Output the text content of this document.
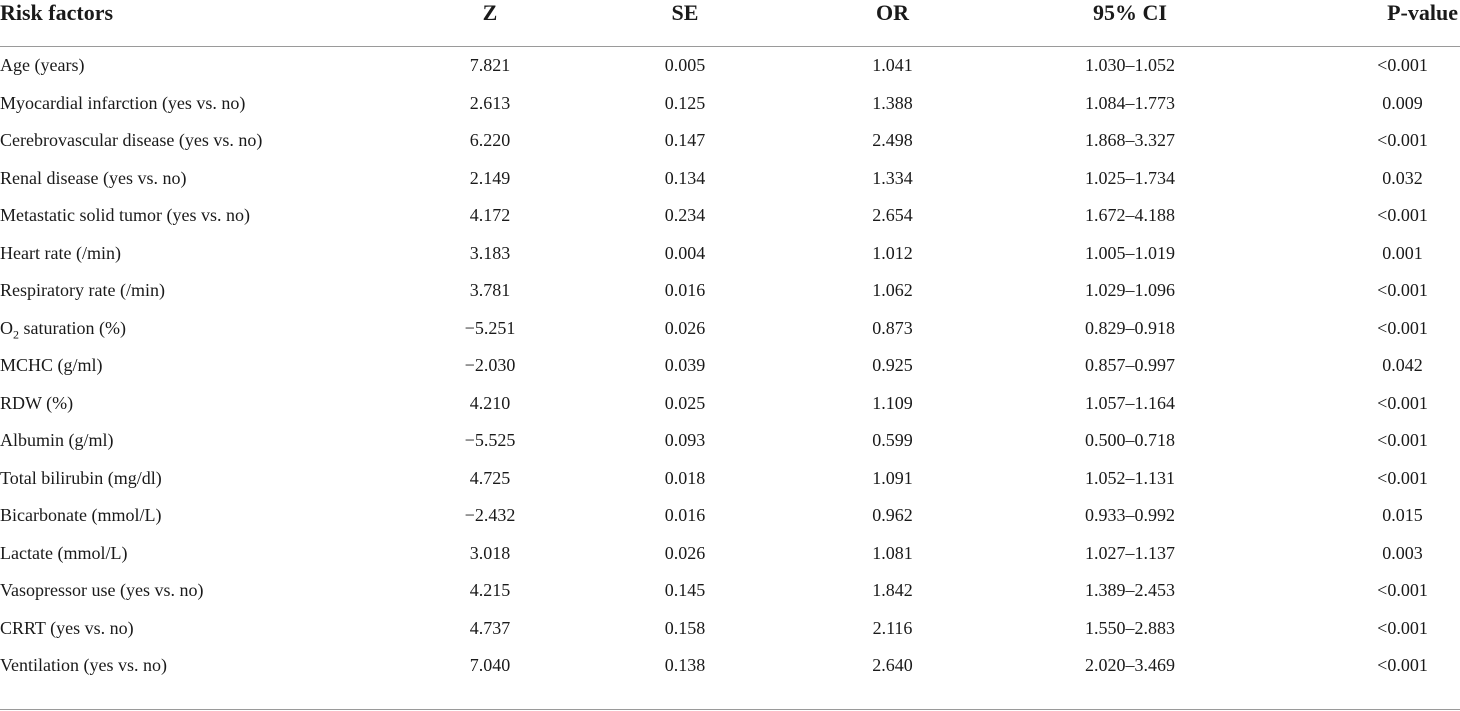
Risk factors	Z	SE	OR	95% CI	P-value
Age (years)	7.821	0.005	1.041	1.030–1.052	<0.001
Myocardial infarction (yes vs. no)	2.613	0.125	1.388	1.084–1.773	0.009
Cerebrovascular disease (yes vs. no)	6.220	0.147	2.498	1.868–3.327	<0.001
Renal disease (yes vs. no)	2.149	0.134	1.334	1.025–1.734	0.032
Metastatic solid tumor (yes vs. no)	4.172	0.234	2.654	1.672–4.188	<0.001
Heart rate (/min)	3.183	0.004	1.012	1.005–1.019	0.001
Respiratory rate (/min)	3.781	0.016	1.062	1.029–1.096	<0.001
$O_2$ saturation (%)	−5.251	0.026	0.873	0.829–0.918	<0.001
MCHC (g/ml)	−2.030	0.039	0.925	0.857–0.997	0.042
RDW (%)	4.210	0.025	1.109	1.057–1.164	<0.001
Albumin (g/ml)	−5.525	0.093	0.599	0.500–0.718	<0.001
Total bilirubin (mg/dl)	4.725	0.018	1.091	1.052–1.131	<0.001
Bicarbonate (mmol/L)	−2.432	0.016	0.962	0.933–0.992	0.015
Lactate (mmol/L)	3.018	0.026	1.081	1.027–1.137	0.003
Vasopressor use (yes vs. no)	4.215	0.145	1.842	1.389–2.453	<0.001
CRRT (yes vs. no)	4.737	0.158	2.116	1.550–2.883	<0.001
Ventilation (yes vs. no)	7.040	0.138	2.640	2.020–3.469	<0.001
